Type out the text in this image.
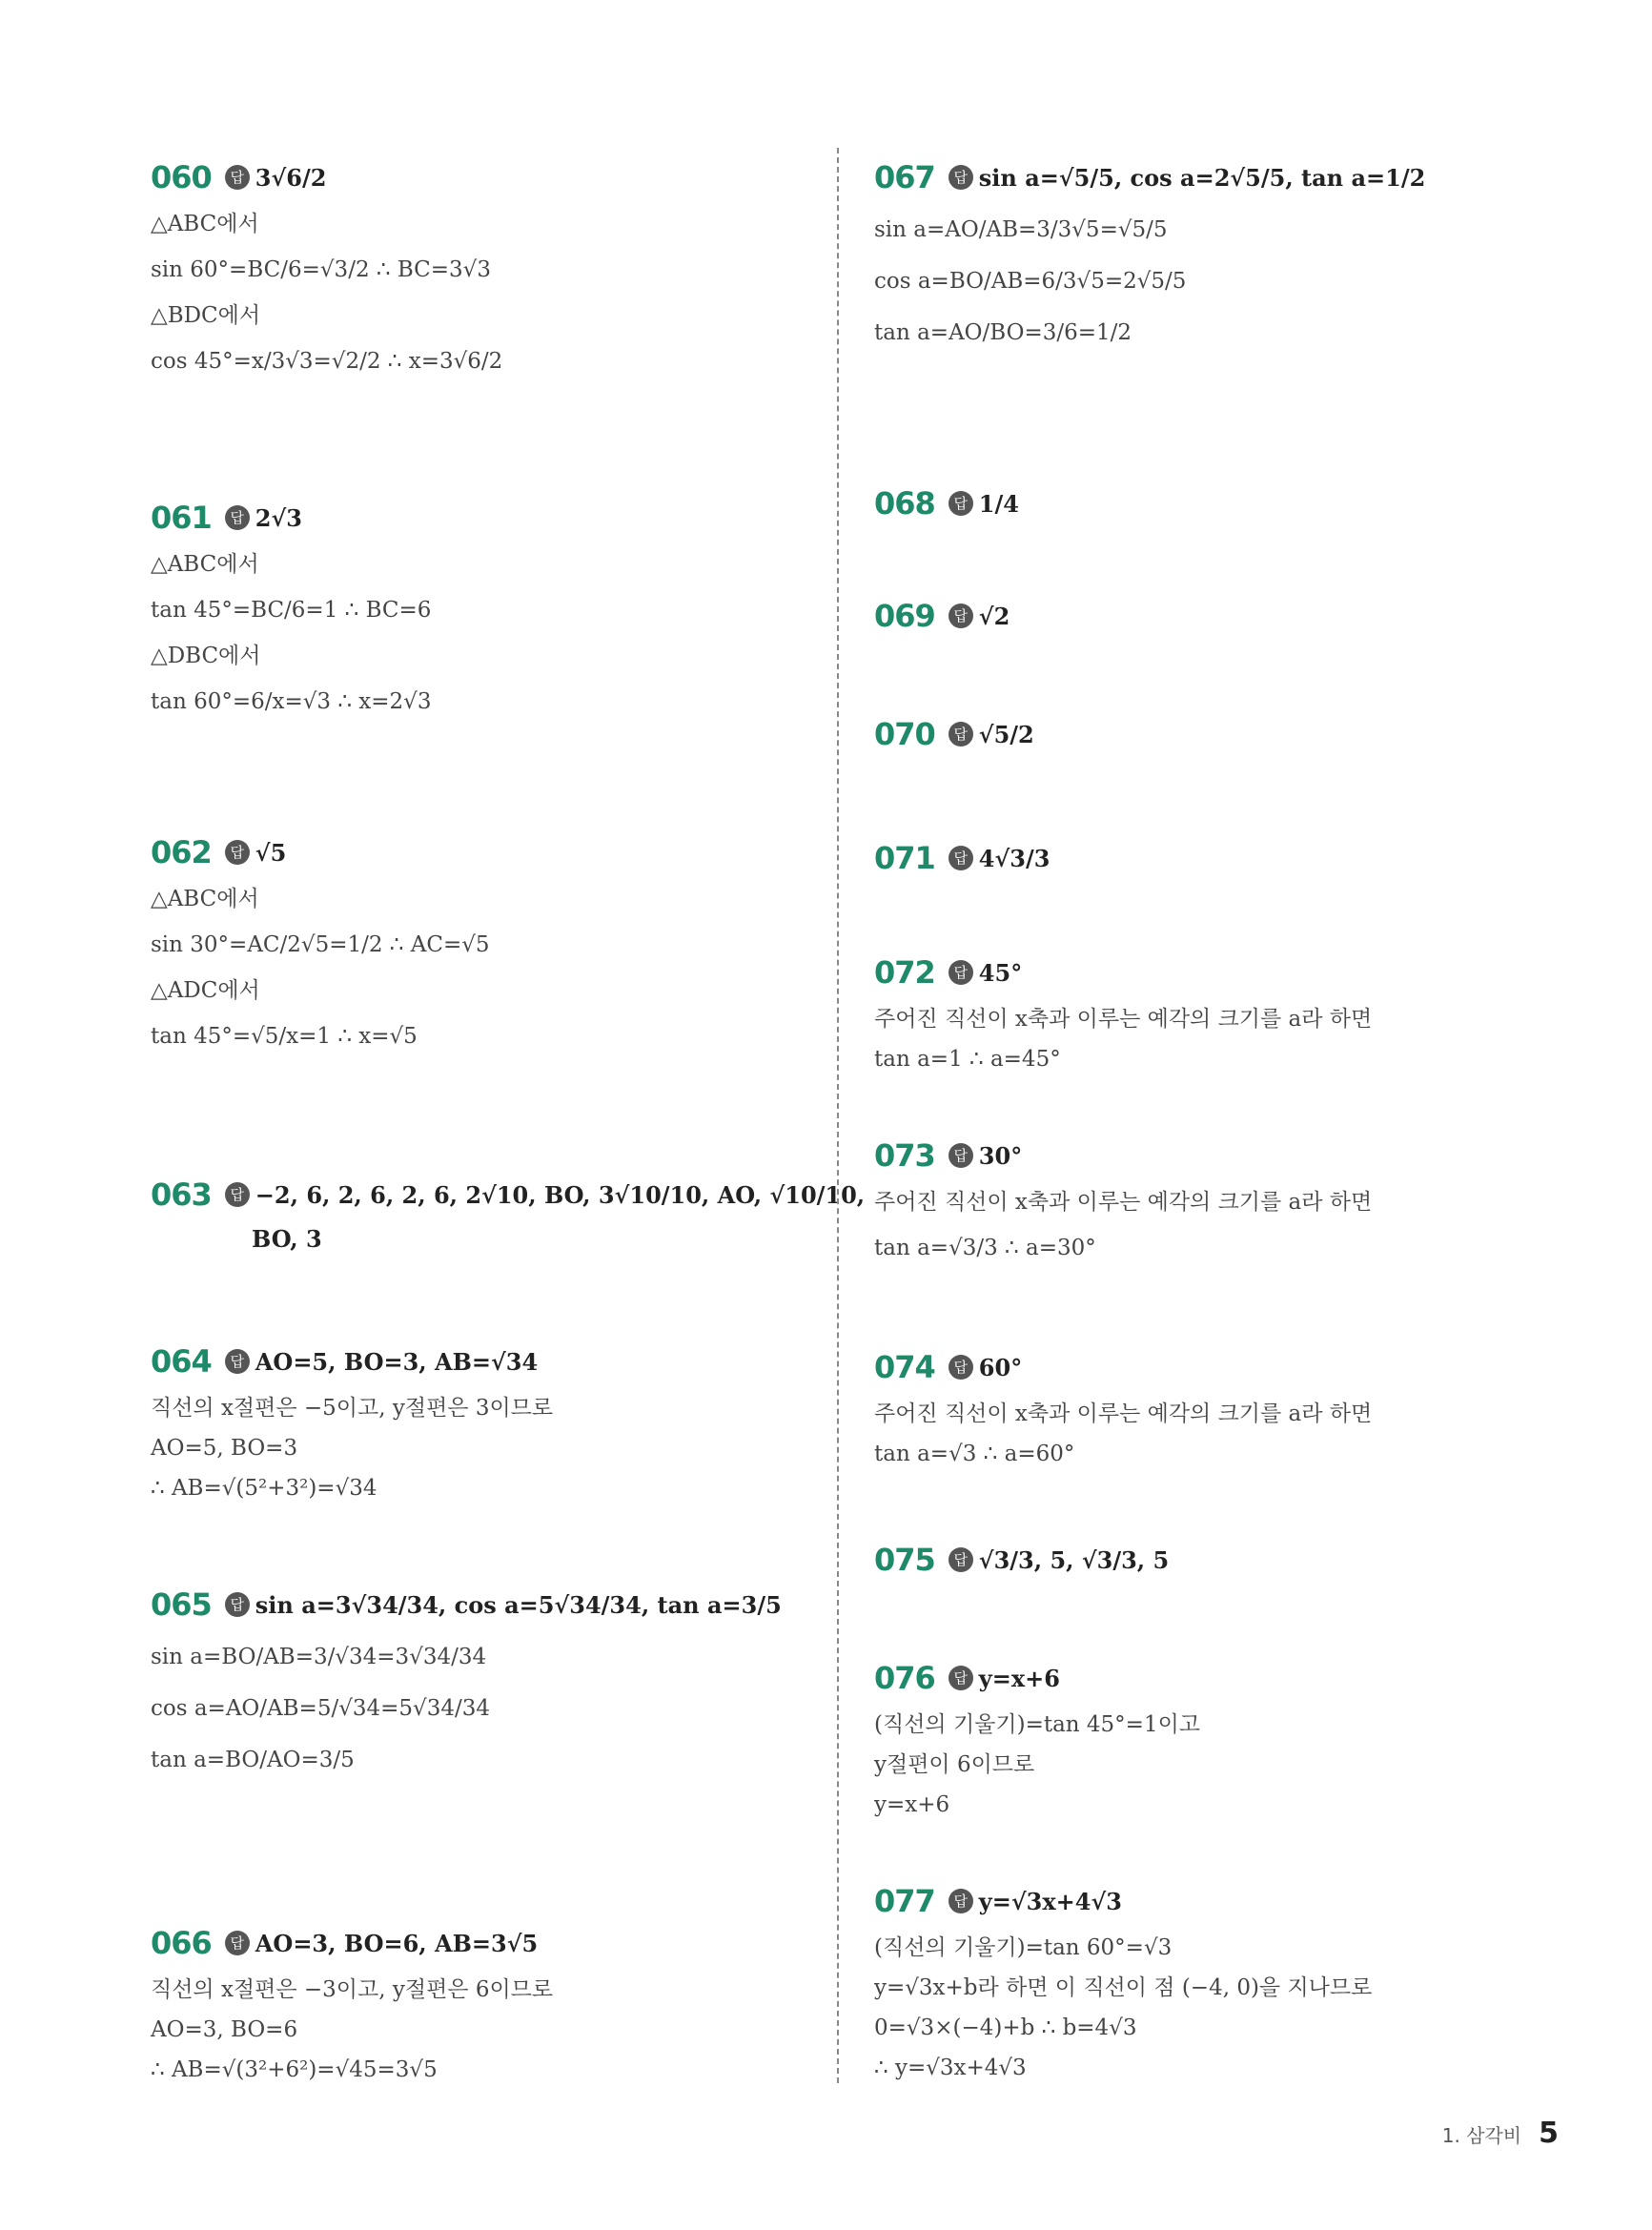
060	답 3√6/2
△ABC에서
sin 60°=BC/6=√3/2 ∴ BC=3√3
△BDC에서
cos 45°=x/3√3=√2/2 ∴ x=3√6/2
061	답 2√3
△ABC에서
tan 45°=BC/6=1 ∴ BC=6
△DBC에서
tan 60°=6/x=√3 ∴ x=2√3
062	답 √5
△ABC에서
sin 30°=AC/2√5=1/2 ∴ AC=√5
△ADC에서
tan 45°=√5/x=1 ∴ x=√5
063	답 −2, 6, 2, 6, 2, 6, 2√10, BO, 3√10/10, AO, √10/10,
BO, 3
064	답 AO=5, BO=3, AB=√34
직선의 x절편은 −5이고, y절편은 3이므로
AO=5, BO=3
∴ AB=√(5²+3²)=√34
065	답 sin a=3√34/34, cos a=5√34/34, tan a=3/5
sin a=BO/AB=3/√34=3√34/34
cos a=AO/AB=5/√34=5√34/34
tan a=BO/AO=3/5
066	답 AO=3, BO=6, AB=3√5
직선의 x절편은 −3이고, y절편은 6이므로
AO=3, BO=6
∴ AB=√(3²+6²)=√45=3√5
067	답 sin a=√5/5, cos a=2√5/5, tan a=1/2
sin a=AO/AB=3/3√5=√5/5
cos a=BO/AB=6/3√5=2√5/5
tan a=AO/BO=3/6=1/2
068	답 1/4
069	답 √2
070	답 √5/2
071	답 4√3/3
072	답 45°
주어진 직선이 x축과 이루는 예각의 크기를 a라 하면
tan a=1 ∴ a=45°
073	답 30°
주어진 직선이 x축과 이루는 예각의 크기를 a라 하면
tan a=√3/3 ∴ a=30°
074	답 60°
주어진 직선이 x축과 이루는 예각의 크기를 a라 하면
tan a=√3 ∴ a=60°
075	답 √3/3, 5, √3/3, 5
076	답 y=x+6
(직선의 기울기)=tan 45°=1이고
y절편이 6이므로
y=x+6
077	답 y=√3x+4√3
(직선의 기울기)=tan 60°=√3
y=√3x+b라 하면 이 직선이 점 (−4, 0)을 지나므로
0=√3×(−4)+b ∴ b=4√3
∴ y=√3x+4√3
1. 삼각비 5
